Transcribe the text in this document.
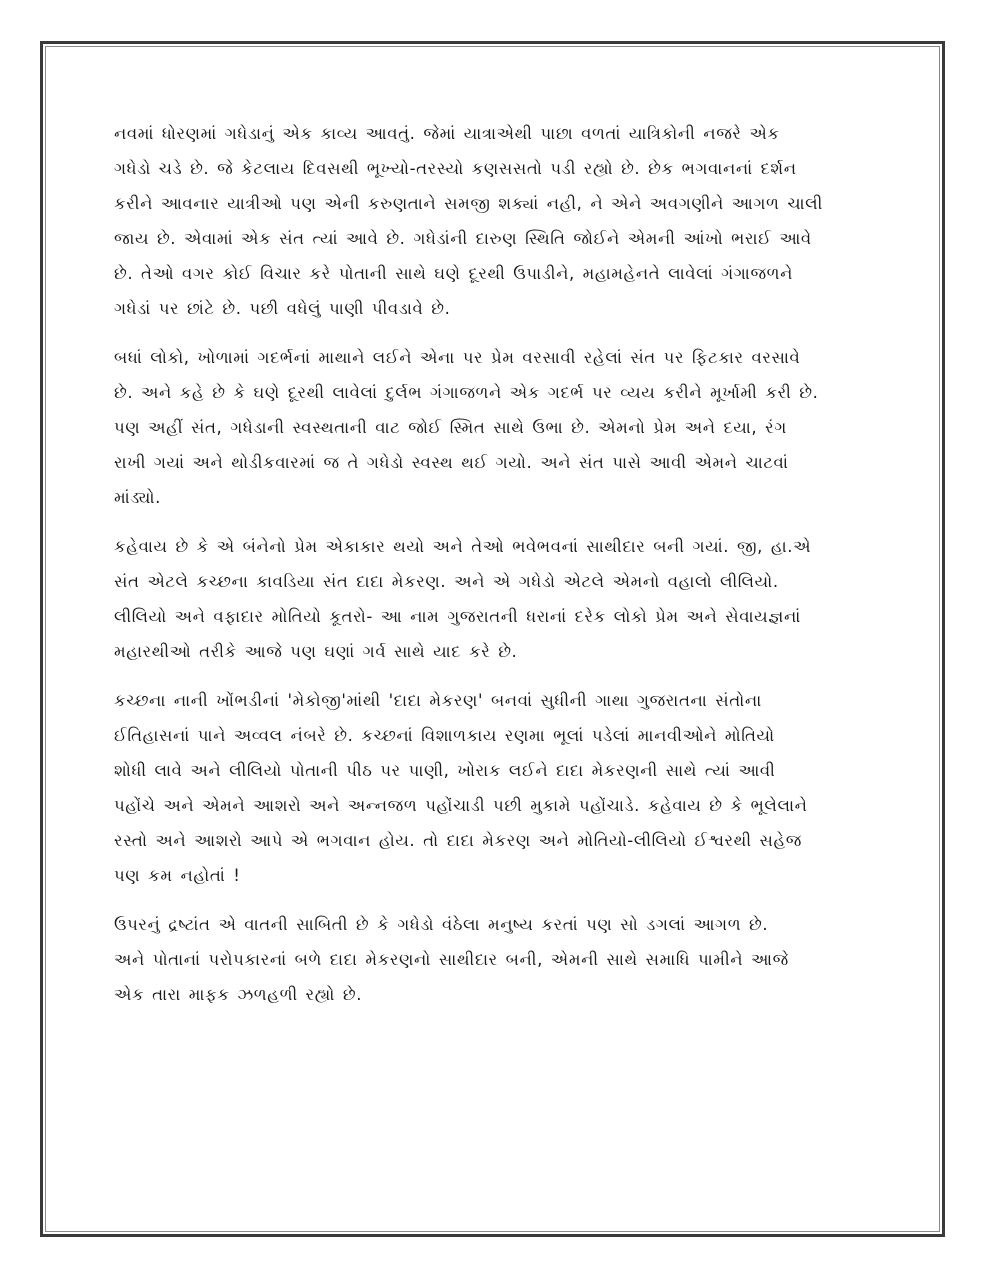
નવમાં ધોરણમાં ગધેડાનું એક કાવ્ય આવતું. જેમાં યાત્રાએથી પાછા વળતાં યાત્રિકોની નજરે એક
ગધેડો ચડે છે. જે કેટલાય દિવસથી ભૂખ્યો-તરસ્યો કણસસતો પડી રહ્યો છે. છેક ભગવાનનાં દર્શન
કરીને આવનાર યાત્રીઓ પણ એની કરુણતાને સમજી શક્યાં નહી, ને એને અવગણીને આગળ ચાલી
જાય છે. એવામાં એક સંત ત્યાં આવે છે. ગધેડાંની દારુણ સ્થિતિ જોઈને એમની આંખો ભરાઈ આવે
છે. તેઓ વગર કોઈ વિચાર કરે પોતાની સાથે ઘણે દૂરથી ઉપાડીને, મહામહેનતે લાવેલાં ગંગાજળને
ગધેડાં પર છાંટે છે. પછી વધેલું પાણી પીવડાવે છે.
બધાં લોકો, ખોળામાં ગદર્ભનાં માથાને લઈને એના પર પ્રેમ વરસાવી રહેલાં સંત પર ફિટકાર વરસાવે
છે. અને કહે છે કે ઘણે દૂરથી લાવેલાં દુર્લભ ગંગાજળને એક ગદર્ભ પર વ્યય કરીને મૂર્ખામી કરી છે.
પણ અહીં સંત, ગધેડાની સ્વસ્થતાની વાટ જોઈ સ્મિત સાથે ઉભા છે. એમનો પ્રેમ અને દયા, રંગ
રાખી ગયાં અને થોડીકવારમાં જ તે ગધેડો સ્વસ્થ થઈ ગયો. અને સંત પાસે આવી એમને ચાટવાં
માંડ્યો.
કહેવાય છે કે એ બંનેનો પ્રેમ એકાકાર થયો અને તેઓ ભવેભવનાં સાથીદાર બની ગયાં. જી, હા.એ
સંત એટલે કચ્છના કાવડિયા સંત દાદા મેકરણ. અને એ ગધેડો એટલે એમનો વહાલો લીલિયો.
લીલિયો અને વફાદાર મોતિયો કૂતરો- આ નામ ગુજરાતની ધરાનાં દરેક લોકો પ્રેમ અને સેવાયજ્ઞનાં
મહારથીઓ તરીકે આજે પણ ઘણાં ગર્વ સાથે યાદ કરે છે.
કચ્છના નાની ખોંભડીનાં 'મેકોજી'માંથી 'દાદા મેકરણ' બનવાં સુધીની ગાથા ગુજરાતના સંતોના
ઈતિહાસનાં પાને અવ્વલ નંબરે છે. કચ્છનાં વિશાળકાય રણમા ભૂલાં પડેલાં માનવીઓને મોતિયો
શોધી લાવે અને લીલિયો પોતાની પીઠ પર પાણી, ખોરાક લઈને દાદા મેકરણની સાથે ત્યાં આવી
પહોંચે અને એમને આશરો અને અન્નજળ પહોંચાડી પછી મુકામે પહોંચાડે. કહેવાય છે કે ભૂલેલાને
રસ્તો અને આશરો આપે એ ભગવાન હોય. તો દાદા મેકરણ અને મોતિયો-લીલિયો ઈશ્વરથી સહેજ
પણ કમ નહોતાં !
ઉપરનું દ્રષ્ટાંત એ વાતની સાબિતી છે કે ગધેડો વંઠેલા મનુષ્ય કરતાં પણ સો ડગલાં આગળ છે.
અને પોતાનાં પરોપકારનાં બળે દાદા મેકરણનો સાથીદાર બની, એમની સાથે સમાધિ પામીને આજે
એક તારા માફક ઝળહળી રહ્યો છે.
